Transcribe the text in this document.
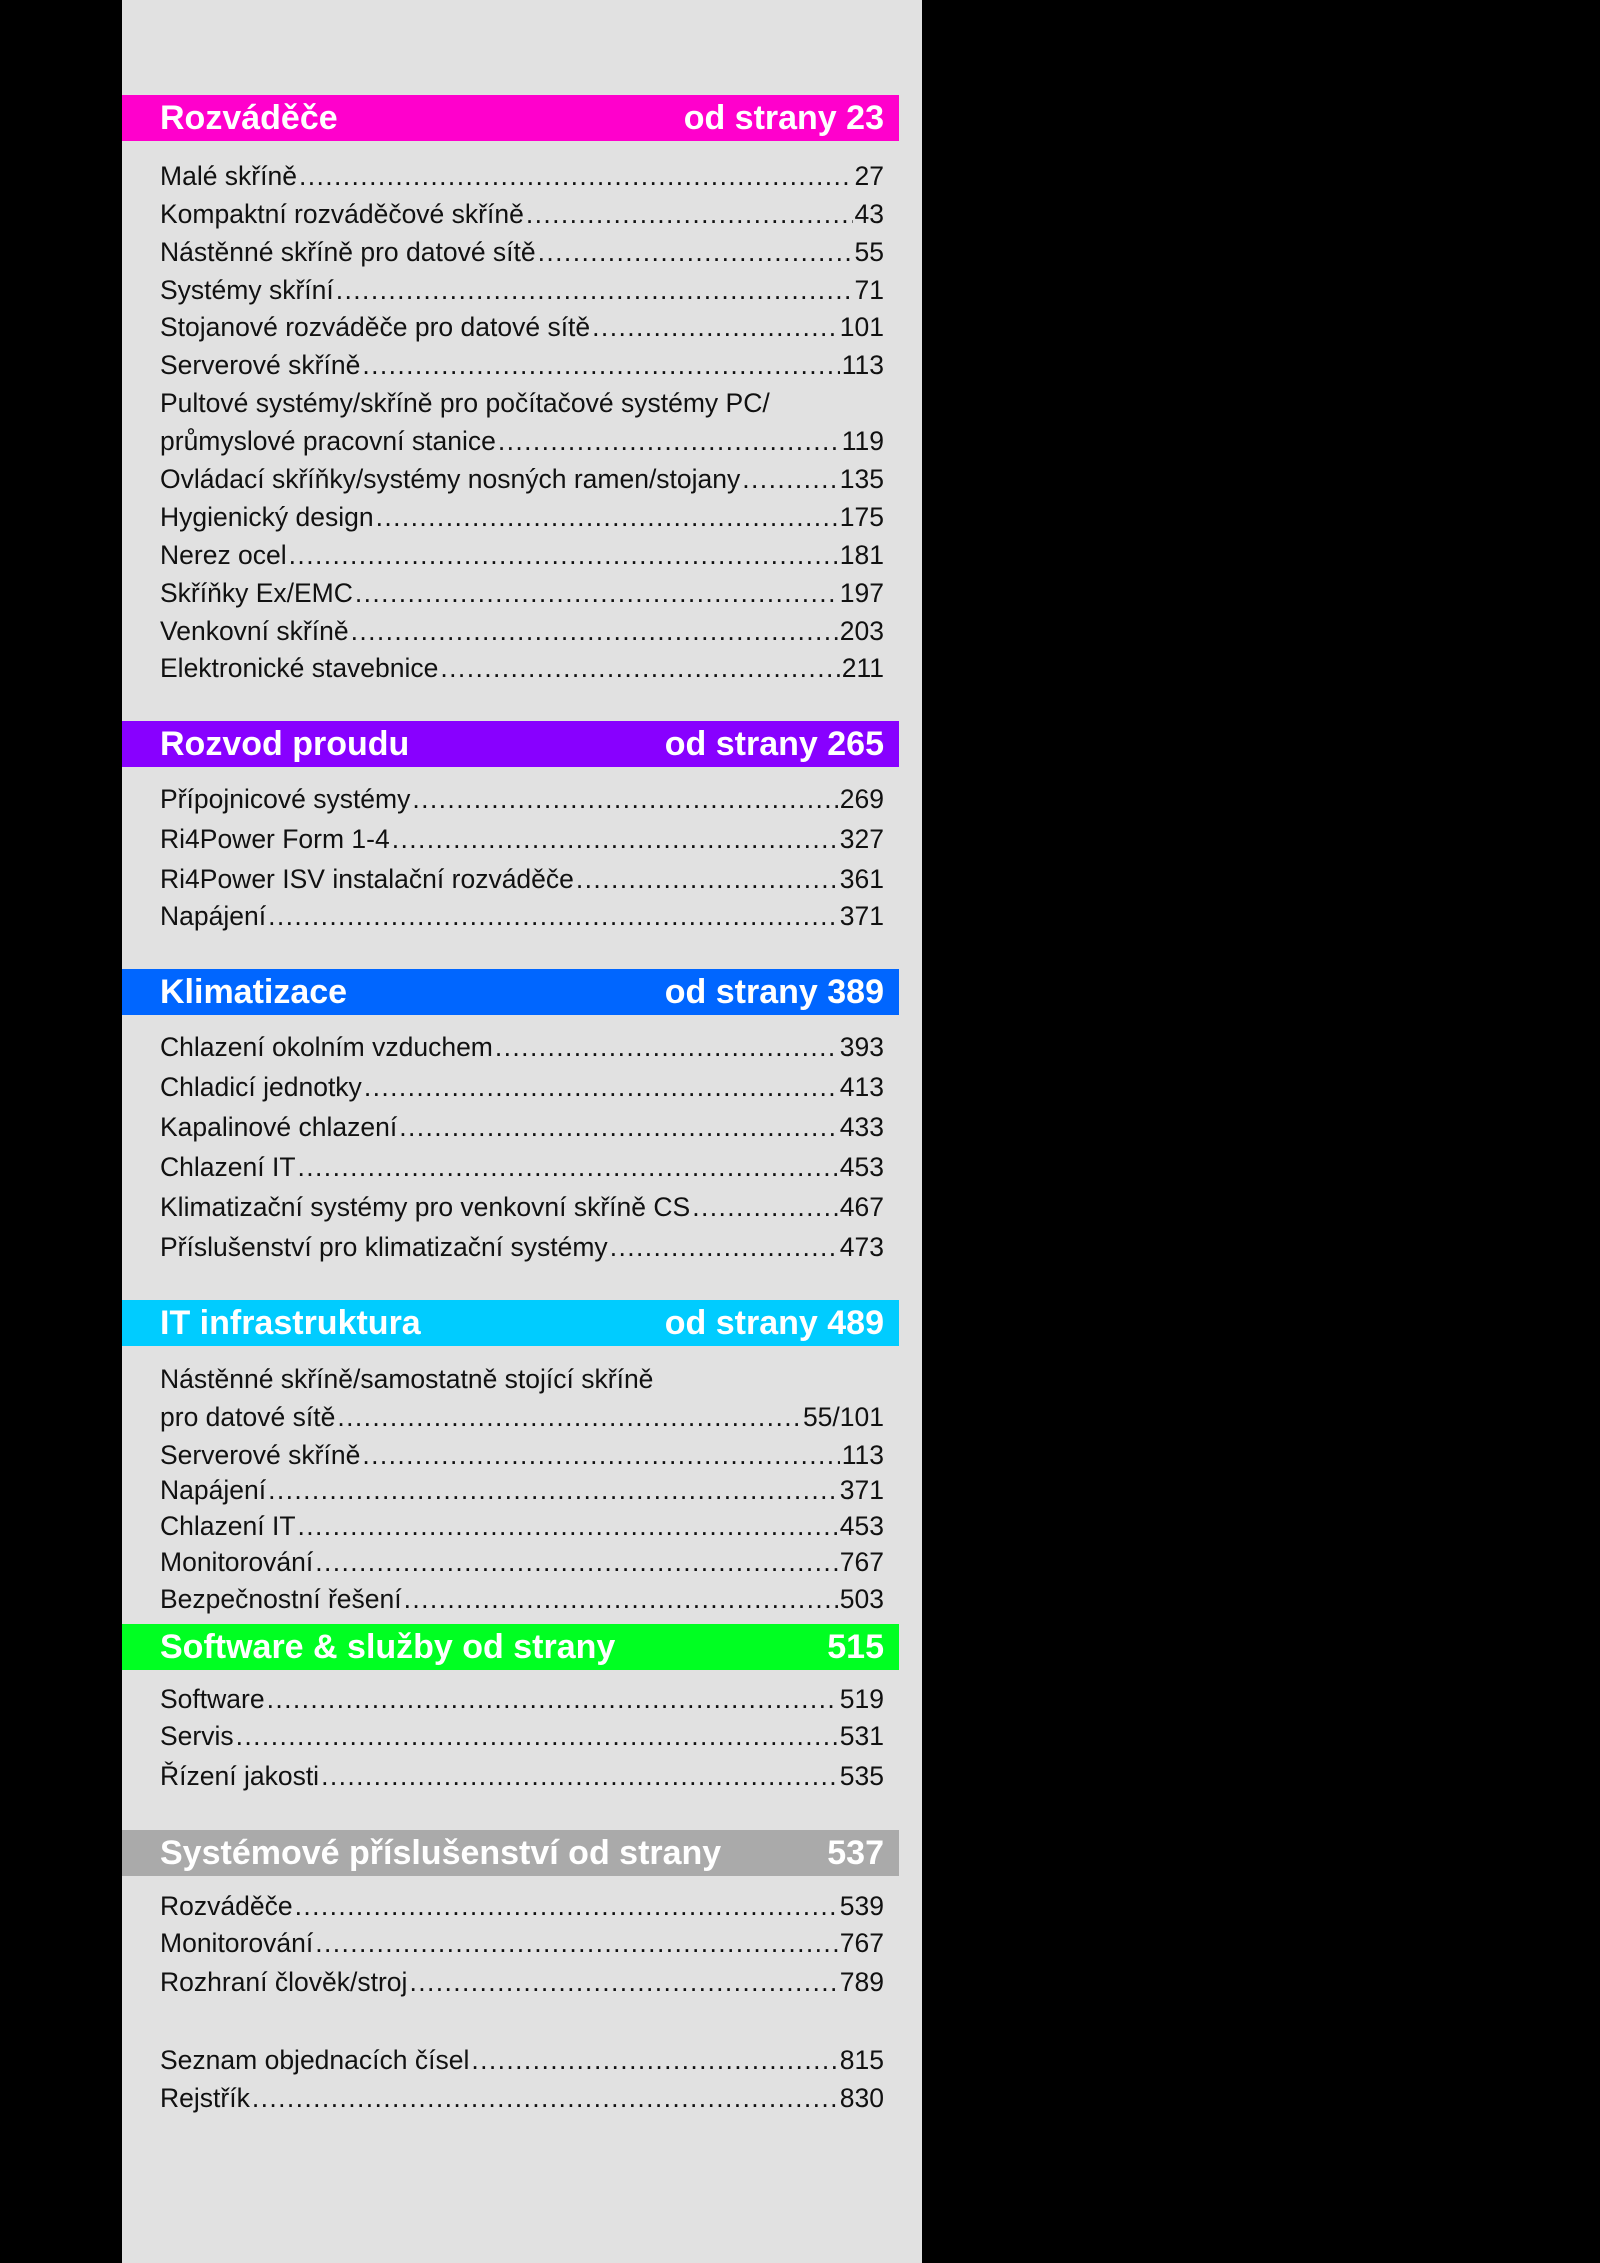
Rozváděče	od strany 23
Rozvod proudu	od strany 265
Klimatizace	od strany 389
IT infrastruktura	od strany 489
Software & služby od strany	515
Systémové příslušenství od strany	537
Malé skříně .....	27
Kompaktní rozváděčové skříně .....	43
Nástěnné skříně pro datové sítě .....	55
Systémy skříní .....	71
Stojanové rozváděče pro datové sítě .....	101
Serverové skříně .....	113
Pultové systémy/skříně pro počítačové systémy PC/
průmyslové pracovní stanice .....	119
Ovládací skříňky/systémy nosných ramen/stojany .....	135
Hygienický design .....	175
Nerez ocel .....	181
Skříňky Ex/EMC .....	197
Venkovní skříně .....	203
Elektronické stavebnice .....	211
Přípojnicové systémy .....	269
Ri4Power Form 1-4 .....	327
Ri4Power ISV instalační rozváděče .....	361
Napájení .....	371
Chlazení okolním vzduchem .....	393
Chladicí jednotky .....	413
Kapalinové chlazení .....	433
Chlazení IT .....	453
Klimatizační systémy pro venkovní skříně CS .....	467
Příslušenství pro klimatizační systémy .....	473
Nástěnné skříně/samostatně stojící skříně
pro datové sítě .....	55/101
Serverové skříně .....	113
Napájení .....	371
Chlazení IT .....	453
Monitorování .....	767
Bezpečnostní řešení .....	503
Software .....	519
Servis .....	531
Řízení jakosti .....	535
Rozváděče .....	539
Monitorování .....	767
Rozhraní člověk/stroj .....	789
Seznam objednacích čísel .....	815
Rejstřík .....	830
